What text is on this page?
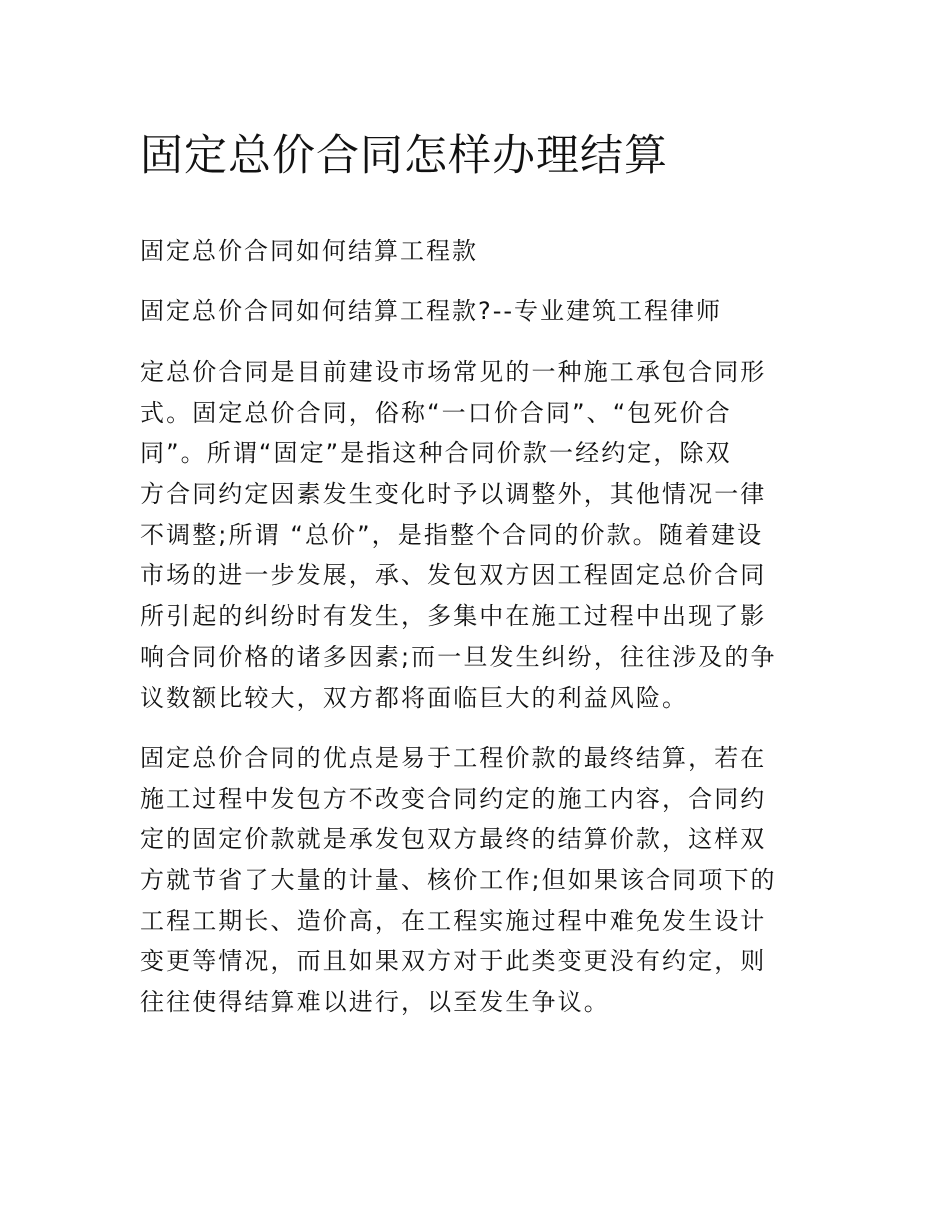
固定总价合同怎样办理结算

固定总价合同如何结算工程款

固定总价合同如何结算工程款?--专业建筑工程律师

定总价合同是目前建设市场常见的一种施工承包合同形
式。固定总价合同，俗称“一口价合同”、“包死价合
同”。所谓“固定”是指这种合同价款一经约定，除双
方合同约定因素发生变化时予以调整外，其他情况一律
不调整;所谓 “总价”，是指整个合同的价款。随着建设
市场的进一步发展，承、发包双方因工程固定总价合同
所引起的纠纷时有发生，多集中在施工过程中出现了影
响合同价格的诸多因素;而一旦发生纠纷，往往涉及的争
议数额比较大，双方都将面临巨大的利益风险。
固定总价合同的优点是易于工程价款的最终结算，若在
施工过程中发包方不改变合同约定的施工内容，合同约
定的固定价款就是承发包双方最终的结算价款，这样双
方就节省了大量的计量、核价工作;但如果该合同项下的
工程工期长、造价高，在工程实施过程中难免发生设计
变更等情况，而且如果双方对于此类变更没有约定，则
往往使得结算难以进行，以至发生争议。
